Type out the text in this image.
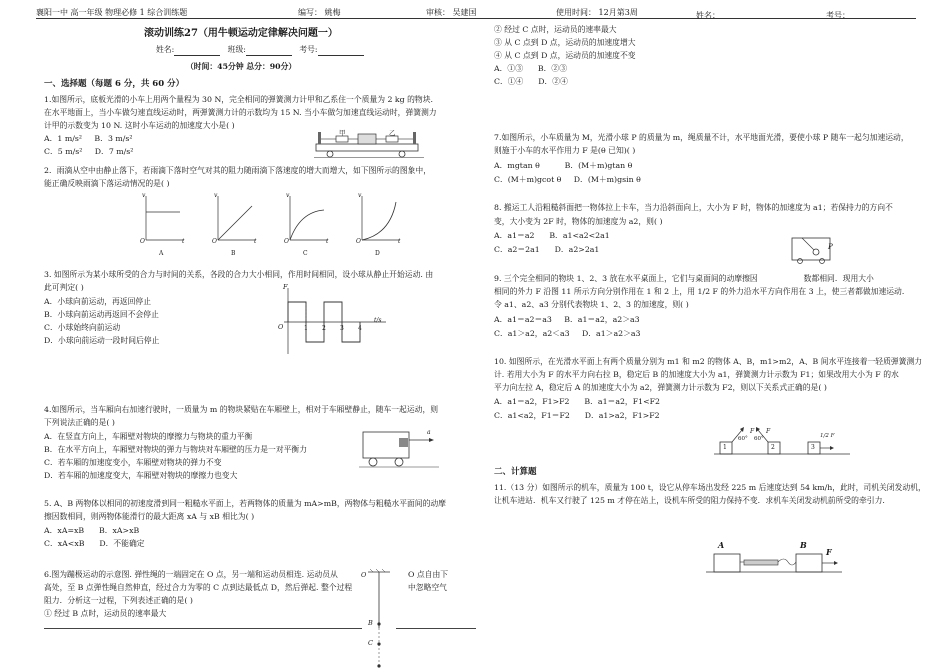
襄阳一中 高一年级 物理必修 1 综合训练题	编写： 姚梅	审核： 吴建国	使用时间： 12月第3周	姓名：	考号：
滚动训练27（用牛顿运动定律解决问题一）
姓名:	班级:	考号:
（时间：45分钟 总分：90分）
一、选择题（每题 6 分，共 60 分）
1.如图所示，底板光滑的小车上用两个量程为 30 N，完全相同的弹簧测力计甲和乙系住一个质量为 2 kg 的物块.
在水平地面上，当小车做匀速直线运动时，两弹簧测力计的示数均为 15 N. 当小车做匀加速直线运动时，弹簧测力
计甲的示数变为 10 N. 这时小车运动的加速度大小是( )
A．1 m/s² B．3 m/s²
C．5 m/s² D．7 m/s²
甲	乙
2．雨滴从空中由静止落下，若雨滴下落时空气对其的阻力随雨滴下落速度的增大而增大，如下图所示的图象中，
能正确反映雨滴下落运动情况的是( )
v	v	v	v
O	O	O	O
t	t	t	t
A	B	C	D
3. 如图所示为某小球所受的合力与时间的关系，各段的合力大小相同，作用时间相同，设小球从静止开始运动. 由
此可判定( )
A．小球向前运动，再返回停止
B．小球向前运动再返回不会停止
C．小球始终向前运动
D．小球向前运动一段时间后停止
F
O	1 2 3 4
t/s
4.如图所示，当车厢向右加速行驶时，一质量为 m 的物块紧贴在车厢壁上，相对于车厢壁静止，随车一起运动，则
下列说法正确的是( )
A．在竖直方向上，车厢壁对物块的摩擦力与物块的重力平衡
B．在水平方向上，车厢壁对物块的弹力与物块对车厢壁的压力是一对平衡力
C．若车厢的加速度变小，车厢壁对物块的弹力不变
D．若车厢的加速度变大，车厢壁对物块的摩擦力也变大
a
5. A、B 两物体以相同的初速度滑到同一粗糙水平面上，若两物体的质量为 mA>mB，两物体与粗糙水平面间的动摩
擦因数相同，则两物体能滑行的最大距离 xA 与 xB 相比为( )
A．xA=xB B．xA>xB
C．xA<xB D．不能确定
6.图为蹦极运动的示意图. 弹性绳的一端固定在 O 点，另一端和运动员相连. 运动员从
高处，至 B 点弹性绳自然伸直，经过合力为零的 C 点到达最低点 D，然后弹起. 整个过程
阻力．分析这一过程，下列表述正确的是( )
① 经过 B 点时，运动员的速率最大
O 点自由下
中忽略空气
O
B
C
② 经过 C 点时，运动员的速率最大
③ 从 C 点到 D 点，运动员的加速度增大
④ 从 C 点到 D 点，运动员的加速度不变
A．①③ B．②③
C．①④ D．②④
7.如图所示，小车质量为 M，光滑小球 P 的质量为 m，绳质量不计，水平地面光滑，要使小球 P 随车一起匀加速运动，
则施于小车的水平作用力 F 是(θ 已知)( )
A．mgtan θ	B．(M＋m)gtan θ
C．(M＋m)gcot θ D．(M＋m)gsin θ
8. 搬运工人沿粗糙斜面把一物体拉上卡车，当力沿斜面向上，大小为 F 时，物体的加速度为 a1；若保持力的方向不
变，大小变为 2F 时，物体的加速度为 a2，则( )
A．a1＝a2 B．a1<a2<2a1
C．a2＝2a1 D．a2>2a1	P
9. 三个完全相同的物块 1、2、3 放在水平桌面上，它们与桌面间的动摩擦因	数都相同．现用大小
相同的外力 F 沿图 11 所示方向分别作用在 1 和 2 上，用 1/2 F 的外力沿水平方向作用在 3 上，使三者都做加速运动．
令 a1、a2、a3 分别代表物块 1、2、3 的加速度，则( )
A．a1＝a2＝a3 B．a1＝a2，a2＞a3
C．a1＞a2，a2＜a3 D．a1＞a2＞a3
10. 如图所示，在光滑水平面上有两个质量分别为 m1 和 m2 的物体 A、B，m1>m2，A、B 间水平连接着一轻质弹簧测力
计. 若用大小为 F 的水平力向右拉 B，稳定后 B 的加速度大小为 a1，弹簧测力计示数为 F1；如果改用大小为 F 的水
平力向左拉 A，稳定后 A 的加速度大小为 a2，弹簧测力计示数为 F2，则以下关系式正确的是( )
A．a1＝a2，F1>F2 B．a1＝a2，F1<F2
C．a1<a2，F1＝F2 D．a1>a2，F1>F2
F F
60° 60°	1/2 F
1	2	3
二、计算题
11.（13 分）如图所示的机车，质量为 100 t，设它从停车场出发经 225 m 后速度达到 54 km/h，此时，司机关闭发动机，
让机车进站．机车又行驶了 125 m 才停在站上，设机车所受的阻力保持不变．求机车关闭发动机前所受的牵引力.
A	B
F
